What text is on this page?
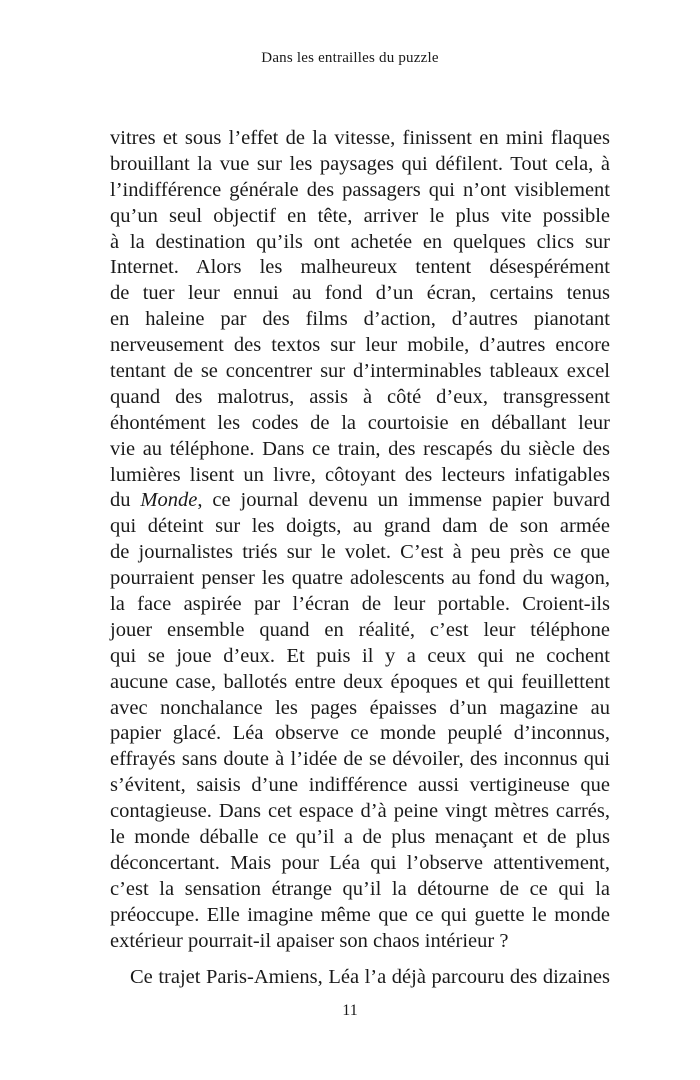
Dans les entrailles du puzzle
vitres et sous l’effet de la vitesse, finissent en mini flaques
brouillant la vue sur les paysages qui défilent. Tout cela, à
l’indifférence générale des passagers qui n’ont visiblement
qu’un seul objectif en tête, arriver le plus vite possible
à la destination qu’ils ont achetée en quelques clics sur
Internet. Alors les malheureux tentent désespérément
de tuer leur ennui au fond d’un écran, certains tenus
en haleine par des films d’action, d’autres pianotant
nerveusement des textos sur leur mobile, d’autres encore
tentant de se concentrer sur d’interminables tableaux excel
quand des malotrus, assis à côté d’eux, transgressent
éhontément les codes de la courtoisie en déballant leur
vie au téléphone. Dans ce train, des rescapés du siècle des
lumières lisent un livre, côtoyant des lecteurs infatigables
du Monde, ce journal devenu un immense papier buvard
qui déteint sur les doigts, au grand dam de son armée
de journalistes triés sur le volet. C’est à peu près ce que
pourraient penser les quatre adolescents au fond du wagon,
la face aspirée par l’écran de leur portable. Croient-ils
jouer ensemble quand en réalité, c’est leur téléphone
qui se joue d’eux. Et puis il y a ceux qui ne cochent
aucune case, ballotés entre deux époques et qui feuillettent
avec nonchalance les pages épaisses d’un magazine au
papier glacé. Léa observe ce monde peuplé d’inconnus,
effrayés sans doute à l’idée de se dévoiler, des inconnus qui
s’évitent, saisis d’une indifférence aussi vertigineuse que
contagieuse. Dans cet espace d’à peine vingt mètres carrés,
le monde déballe ce qu’il a de plus menaçant et de plus
déconcertant. Mais pour Léa qui l’observe attentivement,
c’est la sensation étrange qu’il la détourne de ce qui la
préoccupe. Elle imagine même que ce qui guette le monde
extérieur pourrait-il apaiser son chaos intérieur ?
Ce trajet Paris-Amiens, Léa l’a déjà parcouru des dizaines
11
